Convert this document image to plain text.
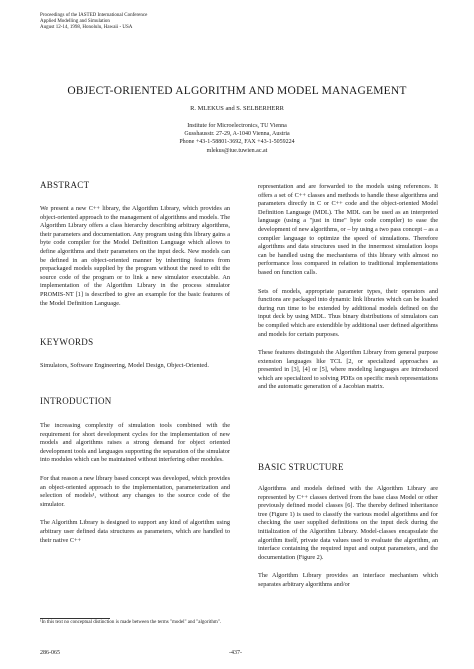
Proceedings of the IASTED International Conference
Applied Modelling and Simulation
August 12-14, 1998, Honolulu, Hawaii - USA
OBJECT-ORIENTED ALGORITHM AND MODEL MANAGEMENT
R. MLEKUS and S. SELBERHERR
Institute for Microelectronics, TU Vienna
Gusshausstr. 27-29, A-1040 Vienna, Austria
Phone +43-1-58801-3692, FAX +43-1-5059224
mlekus@iue.tuwien.ac.at
ABSTRACT

We present a new C++ library, the Algorithm Library, which provides an object-oriented approach to the management of algorithms and models. The Algorithm Library offers a class hierarchy describing arbitrary algorithms, their parameters and documentation. Any program using this library gains a byte code compiler for the Model Definition Language which allows to define algorithms and their parameters on the input deck. New models can be defined in an object-oriented manner by inheriting features from prepackaged models supplied by the program without the need to edit the source code of the program or to link a new simulator executable. An implementation of the Algorithm Library in the process simulator PROMIS-NT [1] is described to give an example for the basic features of the Model Definition Language.

KEYWORDS

Simulators, Software Engineering, Model Design, Object-Oriented.

INTRODUCTION

The increasing complexity of simulation tools combined with the requirement for short development cycles for the implementation of new models and algorithms raises a strong demand for object oriented development tools and languages supporting the separation of the simulator into modules which can be maintained without interfering other modules.

For that reason a new library based concept was developed, which provides an object-oriented approach to the implementation, parameterization and selection of models¹, without any changes to the source code of the simulator.

The Algorithm Library is designed to support any kind of algorithm using arbitrary user defined data structures as parameters, which are handled to their native C++

¹In this text no conceptual distinction is made between the terms "model" and "algorithm".

representation and are forwarded to the models using references. It offers a set of C++ classes and methods to handle these algorithms and parameters directly in C or C++ code and the object-oriented Model Definition Language (MDL). The MDL can be used as an interpreted language (using a "just in time" byte code compiler) to ease the development of new algorithms, or – by using a two pass concept – as a compiler language to optimize the speed of simulations. Therefore algorithms and data structures used in the innermost simulation loops can be handled using the mechanisms of this library with almost no performance loss compared in relation to traditional implementations based on function calls.

Sets of models, appropriate parameter types, their operators and functions are packaged into dynamic link libraries which can be loaded during run time to be extended by additional models defined on the input deck by using MDL. Thus binary distributions of simulators can be compiled which are extendible by additional user defined algorithms and models for certain purposes.

These features distinguish the Algorithm Library from general purpose extension languages like TCL [2, or specialized approaches as presented in [3], [4] or [5], where modeling languages are introduced which are specialized to solving PDEs on specific mesh representations and the automatic generation of a Jacobian matrix.

BASIC STRUCTURE

Algorithms and models defined with the Algorithm Library are represented by C++ classes derived from the base class Model or other previously defined model classes [6]. The thereby defined inheritance tree (Figure 1) is used to classify the various model algorithms and for checking the user supplied definitions on the input deck during the initialization of the Algorithm Library. Model-classes encapsulate the algorithm itself, private data values used to evaluate the algorithm, an interface containing the required input and output parameters, and the documentation (Figure 2).

The Algorithm Library provides an interface mechanism which separates arbitrary algorithms and/or

286-065	-437-
